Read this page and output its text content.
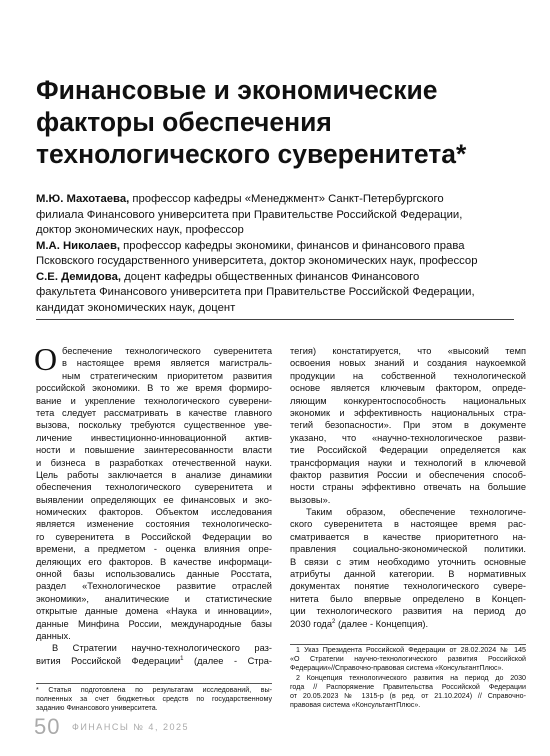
Финансовые и экономические
факторы обеспечения
технологического суверенитета*
М.Ю. Махотаева, профессор кафедры «Менеджмент» Санкт-Петербургского
филиала Финансового университета при Правительстве Российской Федерации,
доктор экономических наук, профессор
М.А. Николаев, профессор кафедры экономики, финансов и финансового права
Псковского государственного университета, доктор экономических наук, профессор
С.Е. Демидова, доцент кафедры общественных финансов Финансового
факультета Финансового университета при Правительстве Российской Федерации,
кандидат экономических наук, доцент
О беспечение технологического суверенитета
в настоящее время является магистраль-
ным стратегическим приоритетом развития
российской экономики. В то же время формиро-
вание и укрепление технологического суверени-
тета следует рассматривать в качестве главного
вызова, поскольку требуются существенное уве-
личение инвестиционно-инновационной актив-
ности и повышение заинтересованности власти
и бизнеса в разработках отечественной науки.
Цель работы заключается в анализе динамики
обеспечения технологического суверенитета и
выявлении определяющих ее финансовых и эко-
номических факторов. Объектом исследования
является изменение состояния технологическо-
го суверенитета в Российской Федерации во
времени, а предметом - оценка влияния опре-
деляющих его факторов. В качестве информаци-
онной базы использовались данные Росстата,
раздел «Технологическое развитие отраслей
экономики», аналитические и статистические
открытые данные домена «Наука и инновации»,
данные Минфина России, международные базы
данных.
В Стратегии научно-технологического раз-
вития Российской Федерации$^1$ (далее - Стра-
* Статья подготовлена по результатам исследований, вы-
полненных за счет бюджетных средств по государственному
заданию Финансового университета.
тегия) констатируется, что «высокий темп
освоения новых знаний и создания наукоемкой
продукции на собственной технологической
основе является ключевым фактором, опреде-
ляющим конкурентоспособность национальных
экономик и эффективность национальных стра-
тегий безопасности». При этом в документе
указано, что «научно-технологическое разви-
тие Российской Федерации определяется как
трансформация науки и технологий в ключевой
фактор развития России и обеспечения способ-
ности страны эффективно отвечать на большие
вызовы».
Таким образом, обеспечение технологиче-
ского суверенитета в настоящее время рас-
сматривается в качестве приоритетного на-
правления социально-экономической политики.
В связи с этим необходимо уточнить основные
атрибуты данной категории. В нормативных
документах понятие технологического сувере-
нитета было впервые определено в Концеп-
ции технологического развития на период до
2030 года$^2$ (далее - Концепция).
1 Указ Президента Российской Федерации от 28.02.2024 № 145
«О Стратегии научно-технологического развития Российской
Федерации»//Справочно-правовая система «КонсультантПлюс».
2 Концепция технологического развития на период до 2030
года // Распоряжение Правительства Российской Федерации
от 20.05.2023 № 1315-р (в ред. от 21.10.2024) // Справочно-
правовая система «КонсультантПлюс».
50 ФИНАНСЫ № 4, 2025
